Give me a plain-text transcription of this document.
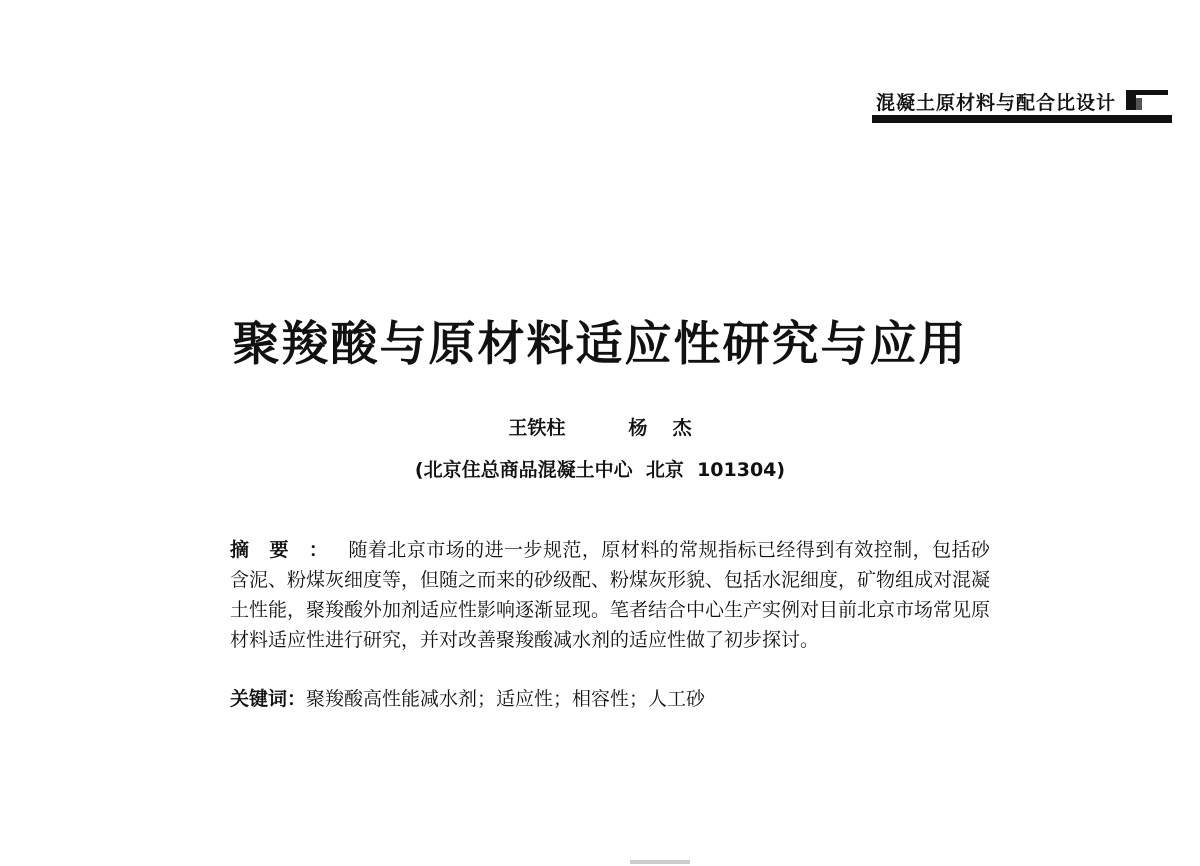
混凝土原材料与配合比设计
聚羧酸与原材料适应性研究与应用
王铁柱     杨  杰
(北京住总商品混凝土中心  北京  101304)
摘要：随着北京市场的进一步规范，原材料的常规指标已经得到有效控制，包括砂含泥、粉煤灰细度等，但随之而来的砂级配、粉煤灰形貌、包括水泥细度，矿物组成对混凝土性能，聚羧酸外加剂适应性影响逐渐显现。笔者结合中心生产实例对目前北京市场常见原材料适应性进行研究，并对改善聚羧酸减水剂的适应性做了初步探讨。
关键词：聚羧酸高性能减水剂；适应性；相容性；人工砂
